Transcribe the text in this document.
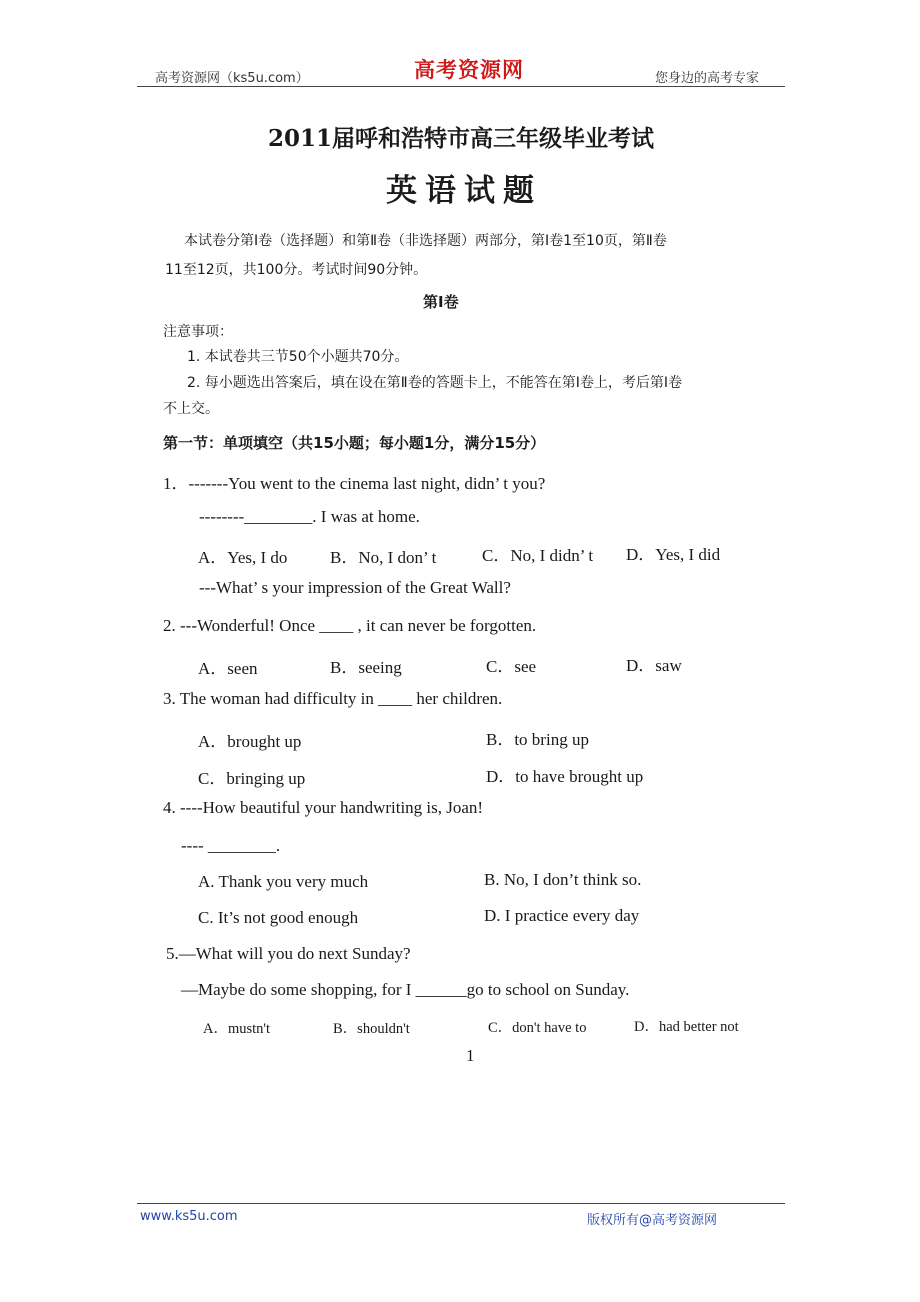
高考资源网（ks5u.com）	高考资源网	您身边的高考专家
2011届呼和浩特市高三年级毕业考试
英语试题
本试卷分第Ⅰ卷（选择题）和第Ⅱ卷（非选择题）两部分，第Ⅰ卷1至10页，第Ⅱ卷
11至12页，共100分。考试时间90分钟。
第Ⅰ卷
注意事项：
1. 本试卷共三节50个小题共70分。
2. 每小题选出答案后，填在设在第Ⅱ卷的答题卡上，不能答在第Ⅰ卷上，考后第Ⅰ卷
不上交。
第一节：单项填空（共15小题；每小题1分，满分15分）
1．-------You went to the cinema last night, didn’ t you?
--------________. I was at home.
A．Yes, I do	B．No, I don’ t	C．No, I didn’ t D．Yes, I did
---What’ s your impression of the Great Wall?
2. ---Wonderful! Once ____ , it can never be forgotten.
A．seen	B．seeing	C．see	D．saw
3. The woman had difficulty in ____ her children.
A．brought up	B．to bring up
C．bringing up	D．to have brought up
4. ----How beautiful your handwriting is, Joan!
---- ________.
A. Thank you very much	B. No, I don’t think so.
C. It’s not good enough	D. I practice every day
5.—What will you do next Sunday?
—Maybe do some shopping, for I ______go to school on Sunday.
A．mustn't	B．shouldn't	C．don't have to	D．had better not
1
www.ks5u.com	版权所有@高考资源网
